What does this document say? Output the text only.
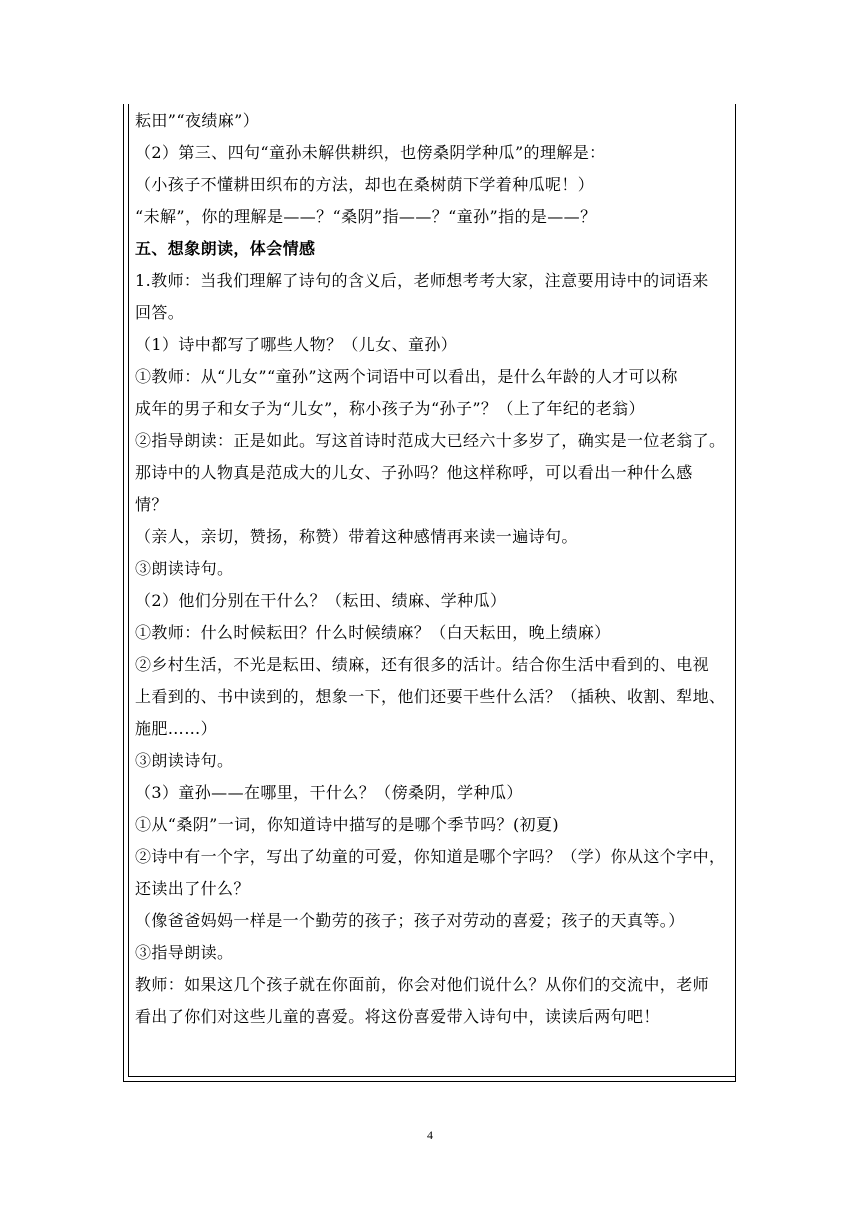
耘田”“夜绩麻”）
（2）第三、四句“童孙未解供耕织，也傍桑阴学种瓜”的理解是：
（小孩子不懂耕田织布的方法，却也在桑树荫下学着种瓜呢！）
“未解”，你的理解是——？“桑阴”指——？“童孙”指的是——？
五、想象朗读，体会情感
1.教师：当我们理解了诗句的含义后，老师想考考大家，注意要用诗中的词语来
回答。
（1）诗中都写了哪些人物？（儿女、童孙）
①教师：从“儿女”“童孙”这两个词语中可以看出，是什么年龄的人才可以称
成年的男子和女子为“儿女”，称小孩子为“孙子”？（上了年纪的老翁）
②指导朗读：正是如此。写这首诗时范成大已经六十多岁了，确实是一位老翁了。
那诗中的人物真是范成大的儿女、子孙吗？他这样称呼，可以看出一种什么感
情？
（亲人，亲切，赞扬，称赞）带着这种感情再来读一遍诗句。
③朗读诗句。
（2）他们分别在干什么？（耘田、绩麻、学种瓜）
①教师：什么时候耘田？什么时候绩麻？（白天耘田，晚上绩麻）
②乡村生活，不光是耘田、绩麻，还有很多的活计。结合你生活中看到的、电视
上看到的、书中读到的，想象一下，他们还要干些什么活？（插秧、收割、犁地、
施肥……）
③朗读诗句。
（3）童孙——在哪里，干什么？（傍桑阴，学种瓜）
①从“桑阴”一词，你知道诗中描写的是哪个季节吗？(初夏)
②诗中有一个字，写出了幼童的可爱，你知道是哪个字吗？（学）你从这个字中，
还读出了什么？
（像爸爸妈妈一样是一个勤劳的孩子；孩子对劳动的喜爱；孩子的天真等。）
③指导朗读。
教师：如果这几个孩子就在你面前，你会对他们说什么？从你们的交流中，老师
看出了你们对这些儿童的喜爱。将这份喜爱带入诗句中，读读后两句吧！
4
